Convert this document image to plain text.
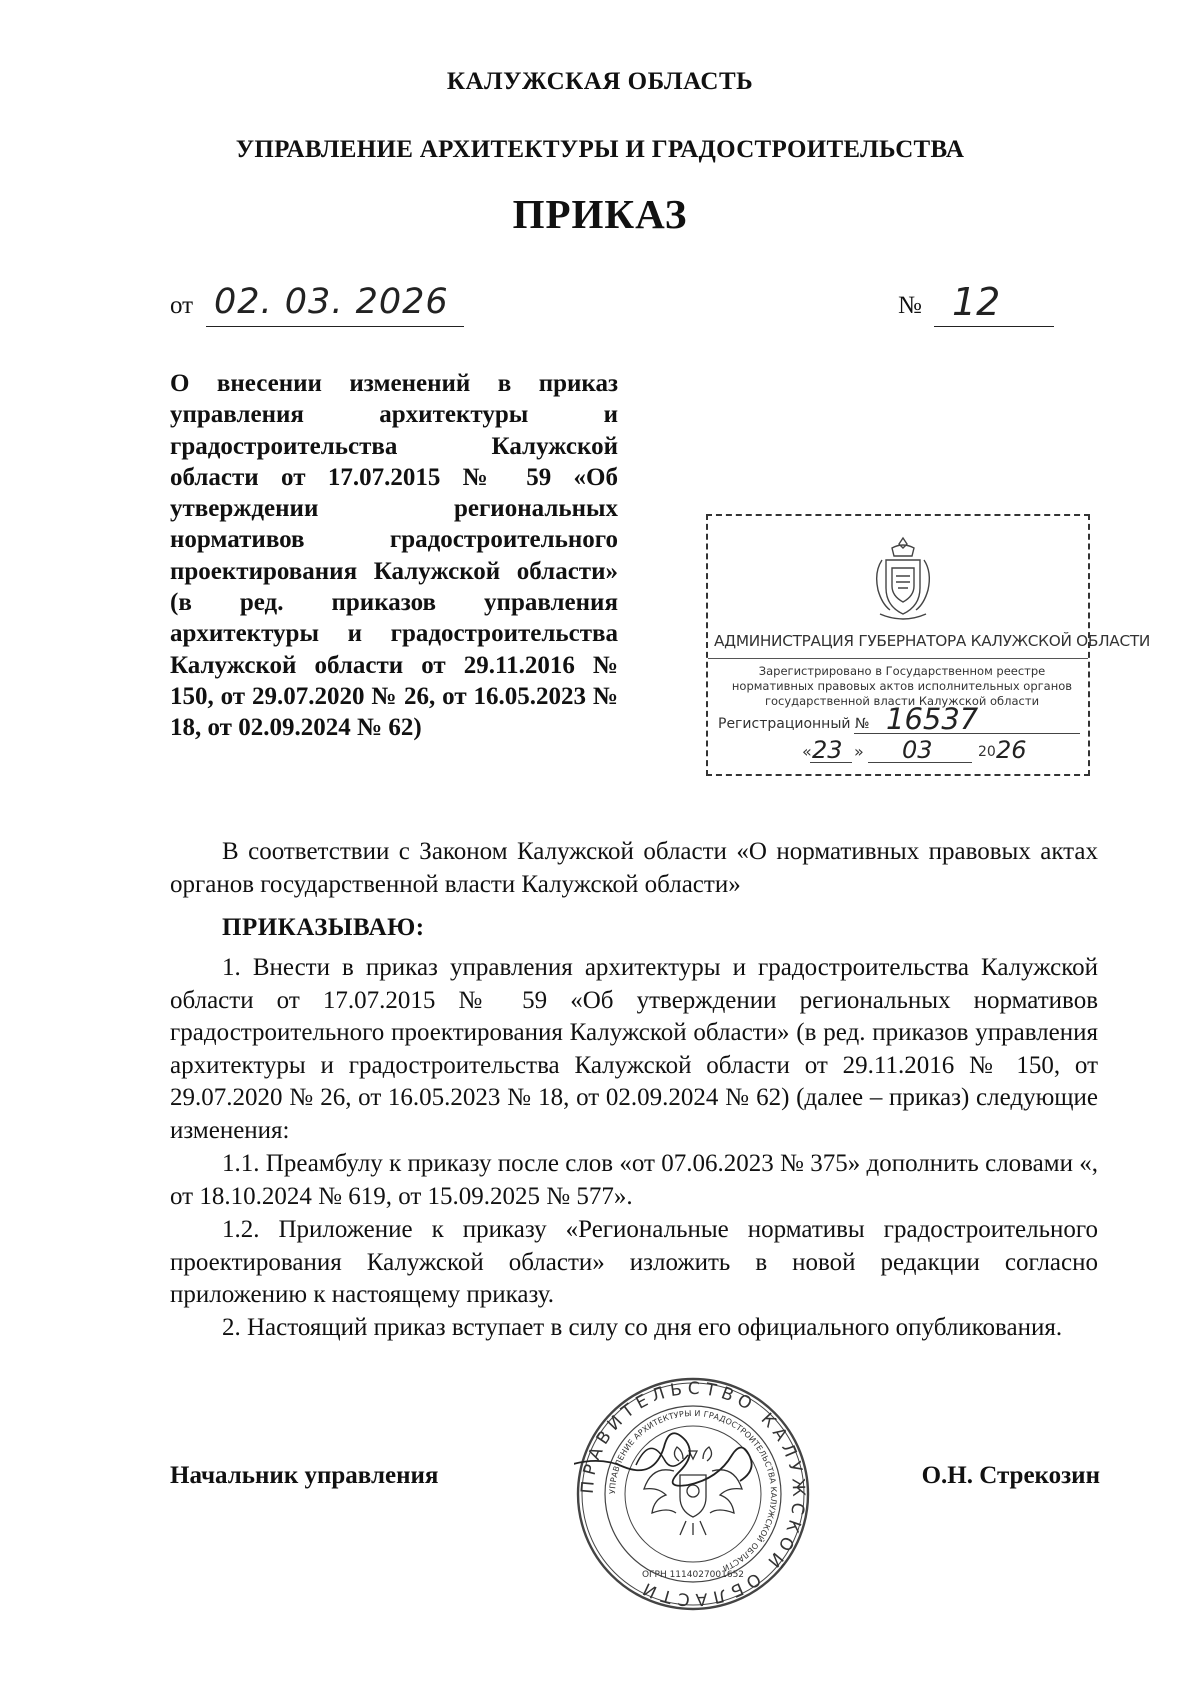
КАЛУЖСКАЯ ОБЛАСТЬ
УПРАВЛЕНИЕ АРХИТЕКТУРЫ И ГРАДОСТРОИТЕЛЬСТВА
ПРИКАЗ
от 02. 03. 2026	№ 12
О внесении изменений в приказ управления архитектуры и градостроительства Калужской области от 17.07.2015 № 59 «Об утверждении региональных нормативов градостроительного проектирования Калужской области» (в ред. приказов управления архитектуры и градостроительства Калужской области от 29.11.2016 № 150, от 29.07.2020 № 26, от 16.05.2023 № 18, от 02.09.2024 № 62)
АДМИНИСТРАЦИЯ ГУБЕРНАТОРА КАЛУЖСКОЙ ОБЛАСТИ
Зарегистрировано в Государственном реестре нормативных правовых актов исполнительных органов государственной власти Калужской области
Регистрационный № 16537
« 23 » 03	20 26
В соответствии с Законом Калужской области «О нормативных правовых актах органов государственной власти Калужской области»
ПРИКАЗЫВАЮ:
1. Внести в приказ управления архитектуры и градостроительства Калужской области от 17.07.2015 № 59 «Об утверждении региональных нормативов градостроительного проектирования Калужской области» (в ред. приказов управления архитектуры и градостроительства Калужской области от 29.11.2016 № 150, от 29.07.2020 № 26, от 16.05.2023 № 18, от 02.09.2024 № 62) (далее – приказ) следующие изменения:
1.1. Преамбулу к приказу после слов «от 07.06.2023 № 375» дополнить словами «, от 18.10.2024 № 619, от 15.09.2025 № 577».
1.2. Приложение к приказу «Региональные нормативы градостроительного проектирования Калужской области» изложить в новой редакции согласно приложению к настоящему приказу.
2. Настоящий приказ вступает в силу со дня его официального опубликования.
Начальник управления	О.Н. Стрекозин
ПРАВИТЕЛЬСТВО КАЛУЖСКОЙ ОБЛАСТИ
УПРАВЛЕНИЕ АРХИТЕКТУРЫ И ГРАДОСТРОИТЕЛЬСТВА КАЛУЖСКОЙ ОБЛАСТИ
ОГРН 1114027001652
